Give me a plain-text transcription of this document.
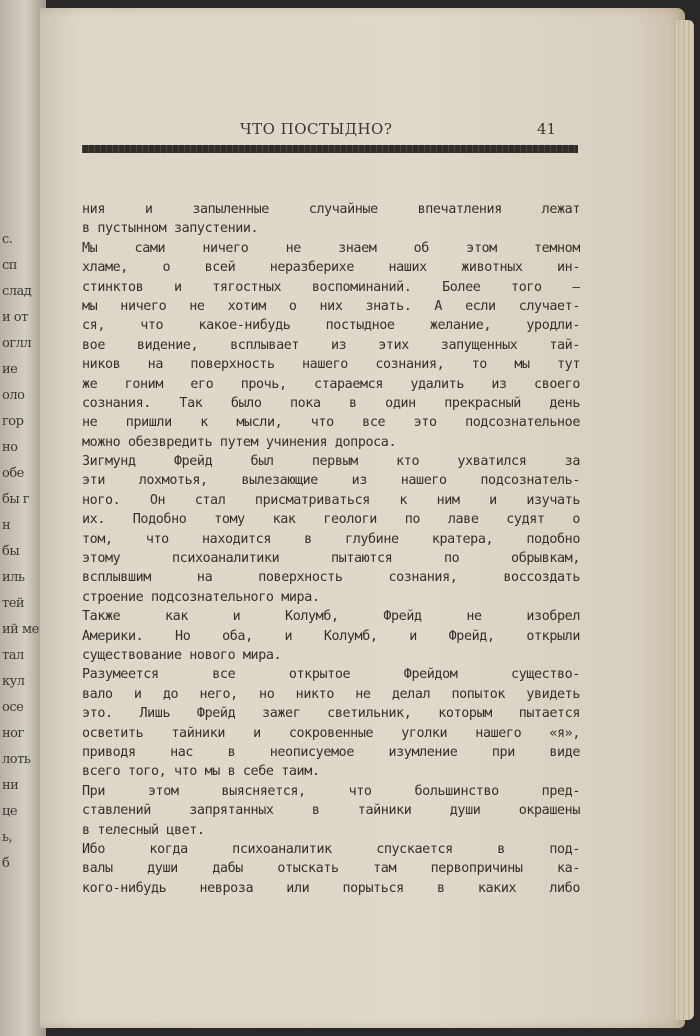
с.
сп
слад
и от
оглл
ие
оло
гор
но
обе
бы г
н
бы
иль
тей
ий ме
тал
кул
осе
ног
лоть
ни
це
ь,
б
ЧТО ПОСТЫДНО?	41
ния и запыленные случайные впечатления лежат
в пустынном запустении.
Мы сами ничего не знаем об этом темном
хламе, о всей неразберихе наших животных ин-
стинктов и тягостных воспоминаний. Более того —
мы ничего не хотим о них знать. А если случает-
ся, что какое-нибудь постыдное желание, уродли-
вое видение, всплывает из этих запущенных тай-
ников на поверхность нашего сознания, то мы тут
же гоним его прочь, стараемся удалить из своего
сознания. Так было пока в один прекрасный день
не пришли к мысли, что все это подсознательное
можно обезвредить путем учинения допроса.
Зигмунд Фрейд был первым кто ухватился за
эти лохмотья, вылезающие из нашего подсознатель-
ного. Он стал присматриваться к ним и изучать
их. Подобно тому как геологи по лаве судят о
том, что находится в глубине кратера, подобно
этому психоаналитики пытаются по обрывкам,
всплывшим на поверхность сознания, воссоздать
строение подсознательного мира.
Также как и Колумб, Фрейд не изобрел
Америки. Но оба, и Колумб, и Фрейд, открыли
существование нового мира.
Разумеется все открытое Фрейдом существо-
вало и до него, но никто не делал попыток увидеть
это. Лишь Фрейд зажег светильник, которым пытается
осветить тайники и сокровенные уголки нашего «я»,
приводя нас в неописуемое изумление при виде
всего того, что мы в себе таим.
При этом выясняется, что большинство пред-
ставлений запрятанных в тайники души окрашены
в телесный цвет.
Ибо когда психоаналитик спускается в под-
валы души дабы отыскать там первопричины ка-
кого-нибудь невроза или порыться в каких либо
